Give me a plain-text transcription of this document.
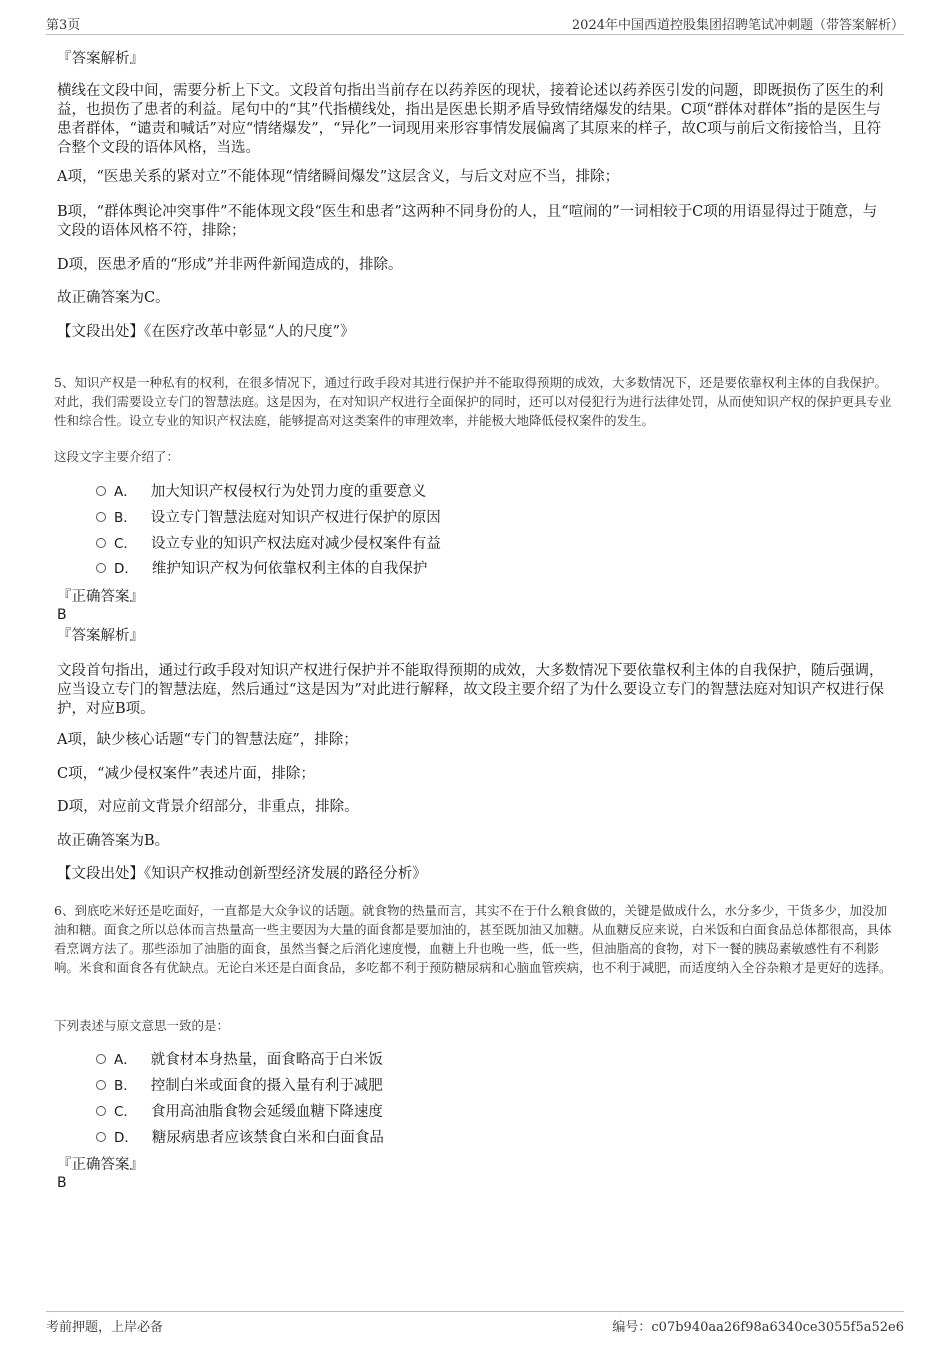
第3页	2024年中国西道控股集团招聘笔试冲刺题（带答案解析）
『答案解析』
横线在文段中间，需要分析上下文。文段首句指出当前存在以药养医的现状，接着论述以药养医引发的问题，即既损伤了医生的利益，也损伤了患者的利益。尾句中的“其”代指横线处，指出是医患长期矛盾导致情绪爆发的结果。C项“群体对群体”指的是医生与患者群体，“谴责和喊话”对应“情绪爆发”，“异化”一词现用来形容事情发展偏离了其原来的样子，故C项与前后文衔接恰当，且符合整个文段的语体风格，当选。
A项，“医患关系的紧对立”不能体现“情绪瞬间爆发”这层含义，与后文对应不当，排除；
B项，“群体舆论冲突事件”不能体现文段“医生和患者”这两种不同身份的人，且“喧闹的”一词相较于C项的用语显得过于随意，与文段的语体风格不符，排除；
D项，医患矛盾的“形成”并非两件新闻造成的，排除。
故正确答案为C。
【文段出处】《在医疗改革中彰显“人的尺度”》
5、知识产权是一种私有的权利，在很多情况下，通过行政手段对其进行保护并不能取得预期的成效，大多数情况下，还是要依靠权利主体的自我保护。对此，我们需要设立专门的智慧法庭。这是因为，在对知识产权进行全面保护的同时，还可以对侵犯行为进行法律处罚，从而使知识产权的保护更具专业性和综合性。设立专业的知识产权法庭，能够提高对这类案件的审理效率，并能极大地降低侵权案件的发生。
这段文字主要介绍了：
A． 加大知识产权侵权行为处罚力度的重要意义
B． 设立专门智慧法庭对知识产权进行保护的原因
C． 设立专业的知识产权法庭对减少侵权案件有益
D． 维护知识产权为何依靠权利主体的自我保护
『正确答案』
B
『答案解析』
文段首句指出，通过行政手段对知识产权进行保护并不能取得预期的成效，大多数情况下要依靠权利主体的自我保护，随后强调，应当设立专门的智慧法庭，然后通过“这是因为”对此进行解释，故文段主要介绍了为什么要设立专门的智慧法庭对知识产权进行保护，对应B项。
A项，缺少核心话题“专门的智慧法庭”，排除；
C项，“减少侵权案件”表述片面，排除；
D项，对应前文背景介绍部分，非重点，排除。
故正确答案为B。
【文段出处】《知识产权推动创新型经济发展的路径分析》
6、到底吃米好还是吃面好，一直都是大众争议的话题。就食物的热量而言，其实不在于什么粮食做的，关键是做成什么，水分多少，干货多少，加没加油和糖。面食之所以总体而言热量高一些主要因为大量的面食都是要加油的，甚至既加油又加糖。从血糖反应来说，白米饭和白面食品总体都很高，具体看烹调方法了。那些添加了油脂的面食，虽然当餐之后消化速度慢，血糖上升也晚一些，低一些，但油脂高的食物，对下一餐的胰岛素敏感性有不利影响。米食和面食各有优缺点。无论白米还是白面食品，多吃都不利于预防糖尿病和心脑血管疾病，也不利于减肥，而适度纳入全谷杂粮才是更好的选择。
下列表述与原文意思一致的是：
A． 就食材本身热量，面食略高于白米饭
B． 控制白米或面食的摄入量有利于减肥
C． 食用高油脂食物会延缓血糖下降速度
D． 糖尿病患者应该禁食白米和白面食品
『正确答案』
B
考前押题，上岸必备	编号：c07b940aa26f98a6340ce3055f5a52e6
